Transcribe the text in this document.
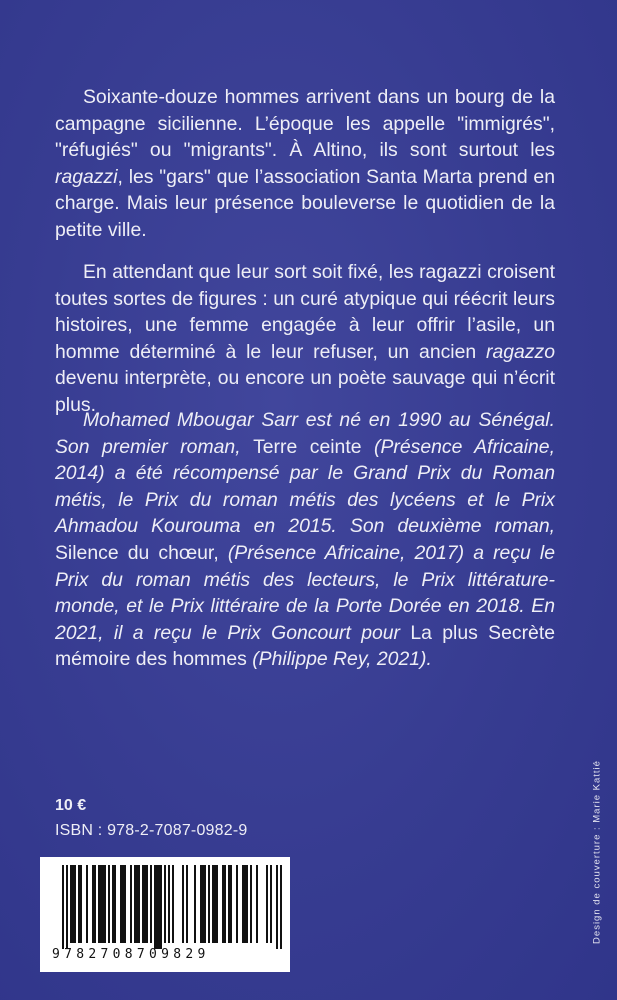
Soixante-douze hommes arrivent dans un bourg de la campagne sicilienne. L’époque les appelle "immigrés", "réfugiés" ou "migrants". À Altino, ils sont surtout les ragazzi, les "gars" que l’association Santa Marta prend en charge. Mais leur présence bouleverse le quotidien de la petite ville.

En attendant que leur sort soit fixé, les ragazzi croisent toutes sortes de figures : un curé atypique qui réécrit leurs histoires, une femme engagée à leur offrir l’asile, un homme déterminé à le leur refuser, un ancien ragazzo devenu interprète, ou encore un poète sauvage qui n’écrit plus.

Mohamed Mbougar Sarr est né en 1990 au Sénégal. Son premier roman, Terre ceinte (Présence Africaine, 2014) a été récompensé par le Grand Prix du Roman métis, le Prix du roman métis des lycéens et le Prix Ahmadou Kourouma en 2015. Son deuxième roman, Silence du chœur, (Présence Africaine, 2017) a reçu le Prix du roman métis des lecteurs, le Prix littérature-monde, et le Prix littéraire de la Porte Dorée en 2018. En 2021, il a reçu le Prix Goncourt pour La plus Secrète mémoire des hommes (Philippe Rey, 2021).

10 €

ISBN : 978-2-7087-0982-9

9782708709829

Design de couverture : Marie Kattié
